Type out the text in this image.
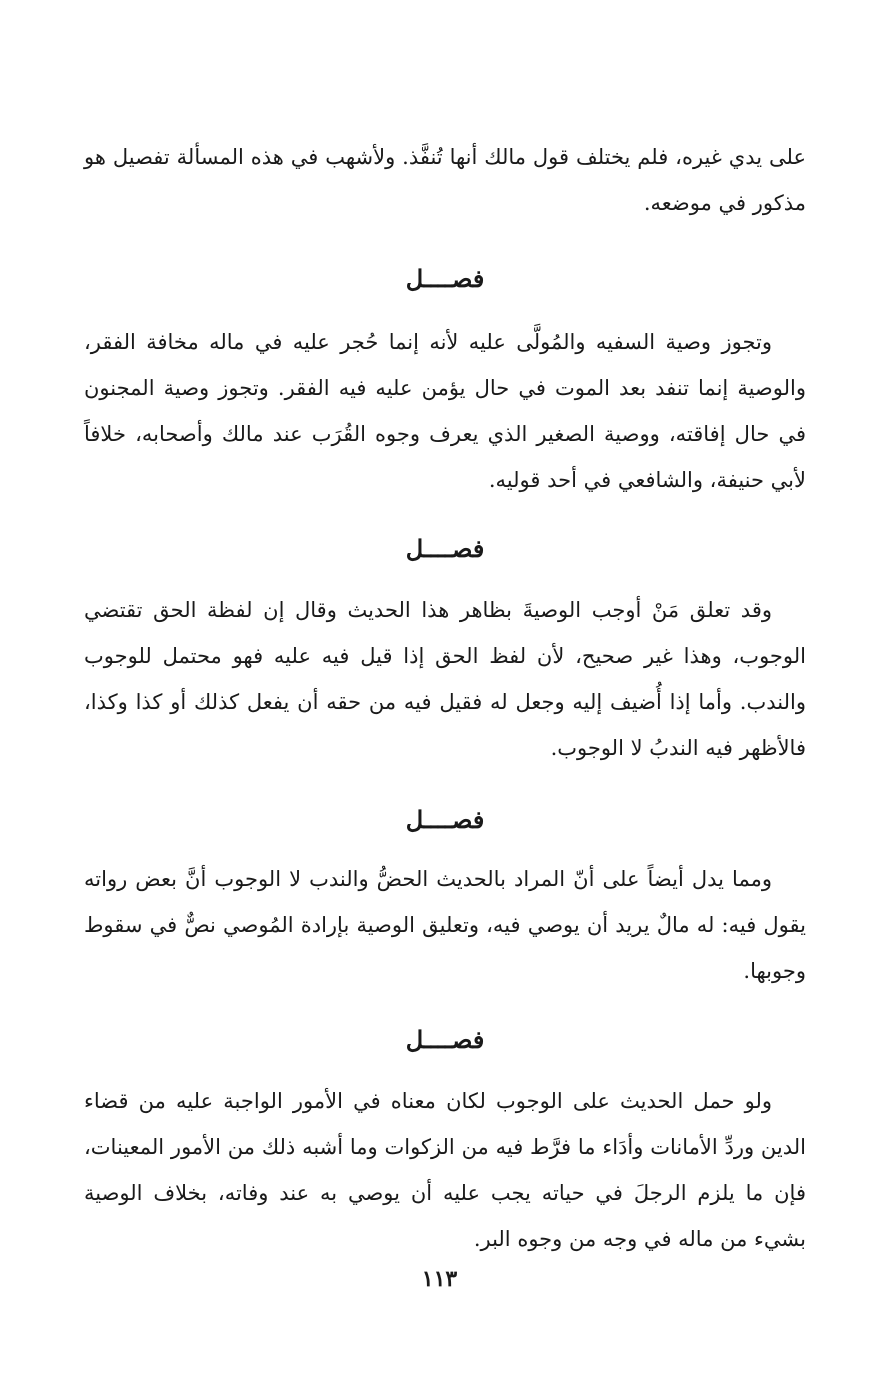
على يدي غيره، فلم يختلف قول مالك أنها تُنفَّذ. ولأشهب في هذه المسألة تفصيل هو مذكور في موضعه.

فصــــل

وتجوز وصية السفيه والمُولَّى عليه لأنه إنما حُجر عليه في ماله مخافة الفقر، والوصية إنما تنفد بعد الموت في حال يؤمن عليه فيه الفقر. وتجوز وصية المجنون في حال إفاقته، ووصية الصغير الذي يعرف وجوه القُرَب عند مالك وأصحابه، خلافاً لأبي حنيفة، والشافعي في أحد قوليه.

فصــــل

وقد تعلق مَنْ أوجب الوصيةَ بظاهر هذا الحديث وقال إن لفظة الحق تقتضي الوجوب، وهذا غير صحيح، لأن لفظ الحق إذا قيل فيه عليه فهو محتمل للوجوب والندب. وأما إذا أُضيف إليه وجعل له فقيل فيه من حقه أن يفعل كذلك أو كذا وكذا، فالأظهر فيه الندبُ لا الوجوب.

فصــــل

ومما يدل أيضاً على أنّ المراد بالحديث الحضُّ والندب لا الوجوب أنَّ بعض رواته يقول فيه: له مالٌ يريد أن يوصي فيه، وتعليق الوصية بإرادة المُوصي نصٌّ في سقوط وجوبها.

فصــــل

ولو حمل الحديث على الوجوب لكان معناه في الأمور الواجبة عليه من قضاء الدين وردِّ الأمانات وأدَاء ما فرَّط فيه من الزكوات وما أشبه ذلك من الأمور المعينات، فإن ما يلزم الرجلَ في حياته يجب عليه أن يوصي به عند وفاته، بخلاف الوصية بشيء من ماله في وجه من وجوه البر.

١١٣
